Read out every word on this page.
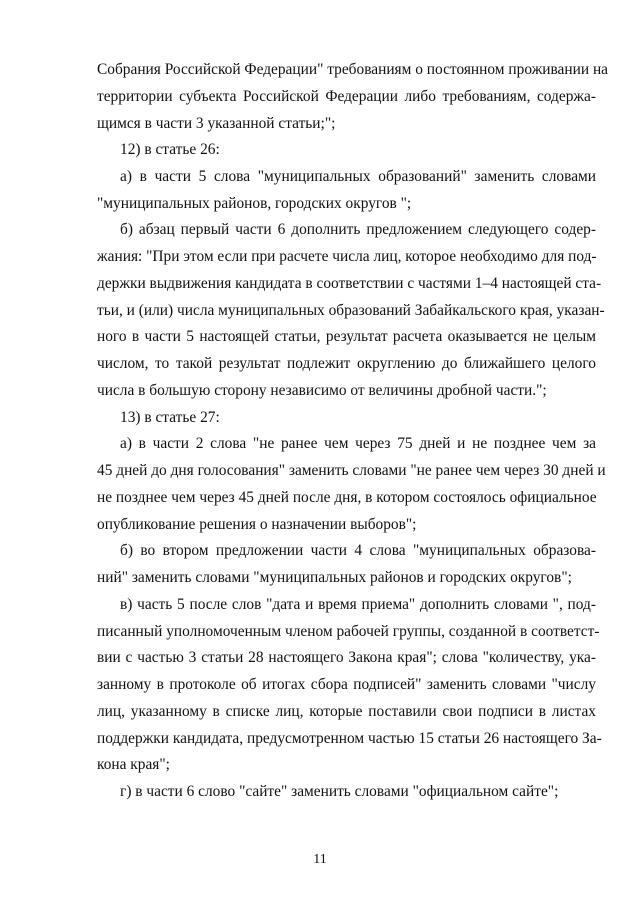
Собрания Российской Федерации" требованиям о постоянном проживании на
территории субъекта Российской Федерации либо требованиям, содержа-
щимся в части 3 указанной статьи;";
12) в статье 26:
а) в части 5 слова "муниципальных образований" заменить словами
"муниципальных районов, городских округов ";
б) абзац первый части 6 дополнить предложением следующего содер-
жания: "При этом если при расчете числа лиц, которое необходимо для под-
держки выдвижения кандидата в соответствии с частями 1–4 настоящей ста-
тьи, и (или) числа муниципальных образований Забайкальского края, указан-
ного в части 5 настоящей статьи, результат расчета оказывается не целым
числом, то такой результат подлежит округлению до ближайшего целого
числа в большую сторону независимо от величины дробной части.";
13) в статье 27:
а) в части 2 слова "не ранее чем через 75 дней и не позднее чем за
45 дней до дня голосования" заменить словами "не ранее чем через 30 дней и
не позднее чем через 45 дней после дня, в котором состоялось официальное
опубликование решения о назначении выборов";
б) во втором предложении части 4 слова "муниципальных образова-
ний" заменить словами "муниципальных районов и городских округов";
в) часть 5 после слов "дата и время приема" дополнить словами ", под-
писанный уполномоченным членом рабочей группы, созданной в соответст-
вии с частью 3 статьи 28 настоящего Закона края"; слова "количеству, ука-
занному в протоколе об итогах сбора подписей" заменить словами "числу
лиц, указанному в списке лиц, которые поставили свои подписи в листах
поддержки кандидата, предусмотренном частью 15 статьи 26 настоящего За-
кона края";
г) в части 6 слово "сайте" заменить словами "официальном сайте";
11
